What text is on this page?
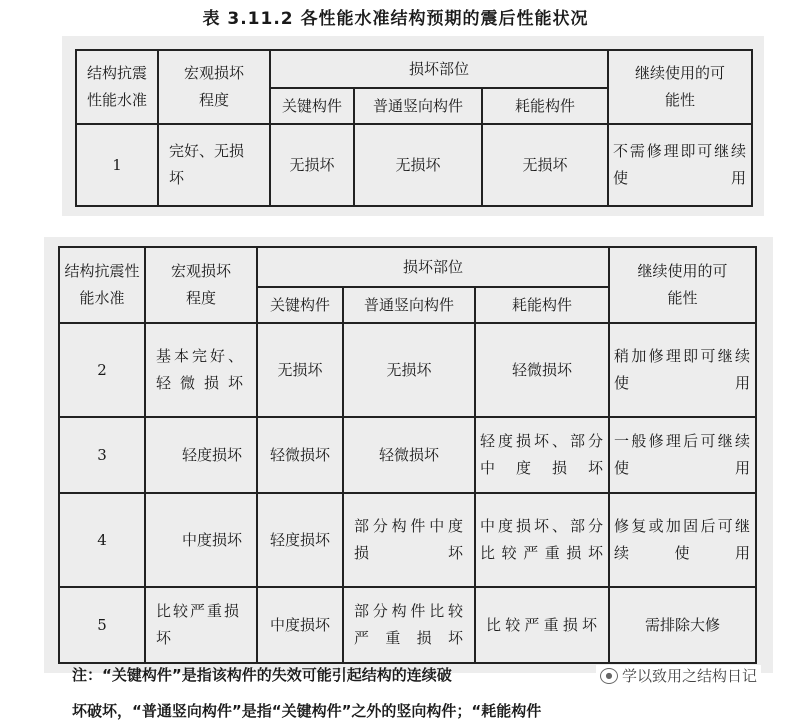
表 3.11.2 各性能水准结构预期的震后性能状况
结构抗震性能水准	宏观损坏程度	损坏部位			继续使用的可能性
		关键构件	普通竖向构件	耗能构件	
1	完好、无损坏	无损坏	无损坏	无损坏	不需修理即可继续使用
结构抗震性能水准	宏观损坏程度	损坏部位			继续使用的可能性
		关键构件	普通竖向构件	耗能构件	
2	基本完好、轻微损坏	无损坏	无损坏	轻微损坏	稍加修理即可继续使用
3	轻度损坏	轻微损坏	轻微损坏	轻度损坏、部分中度损坏	一般修理后可继续使用
4	中度损坏	轻度损坏	部分构件中度损坏	中度损坏、部分比较严重损坏	修复或加固后可继续使用
5	比较严重损坏	中度损坏	部分构件比较严重损坏	比较严重损坏	需排除大修
注：“关键构件”是指该构件的失效可能引起结构的连续破
坏破坏，“普通竖向构件”是指“关键构件”之外的竖向构件；“耗能构件
● 学以致用之结构日记
